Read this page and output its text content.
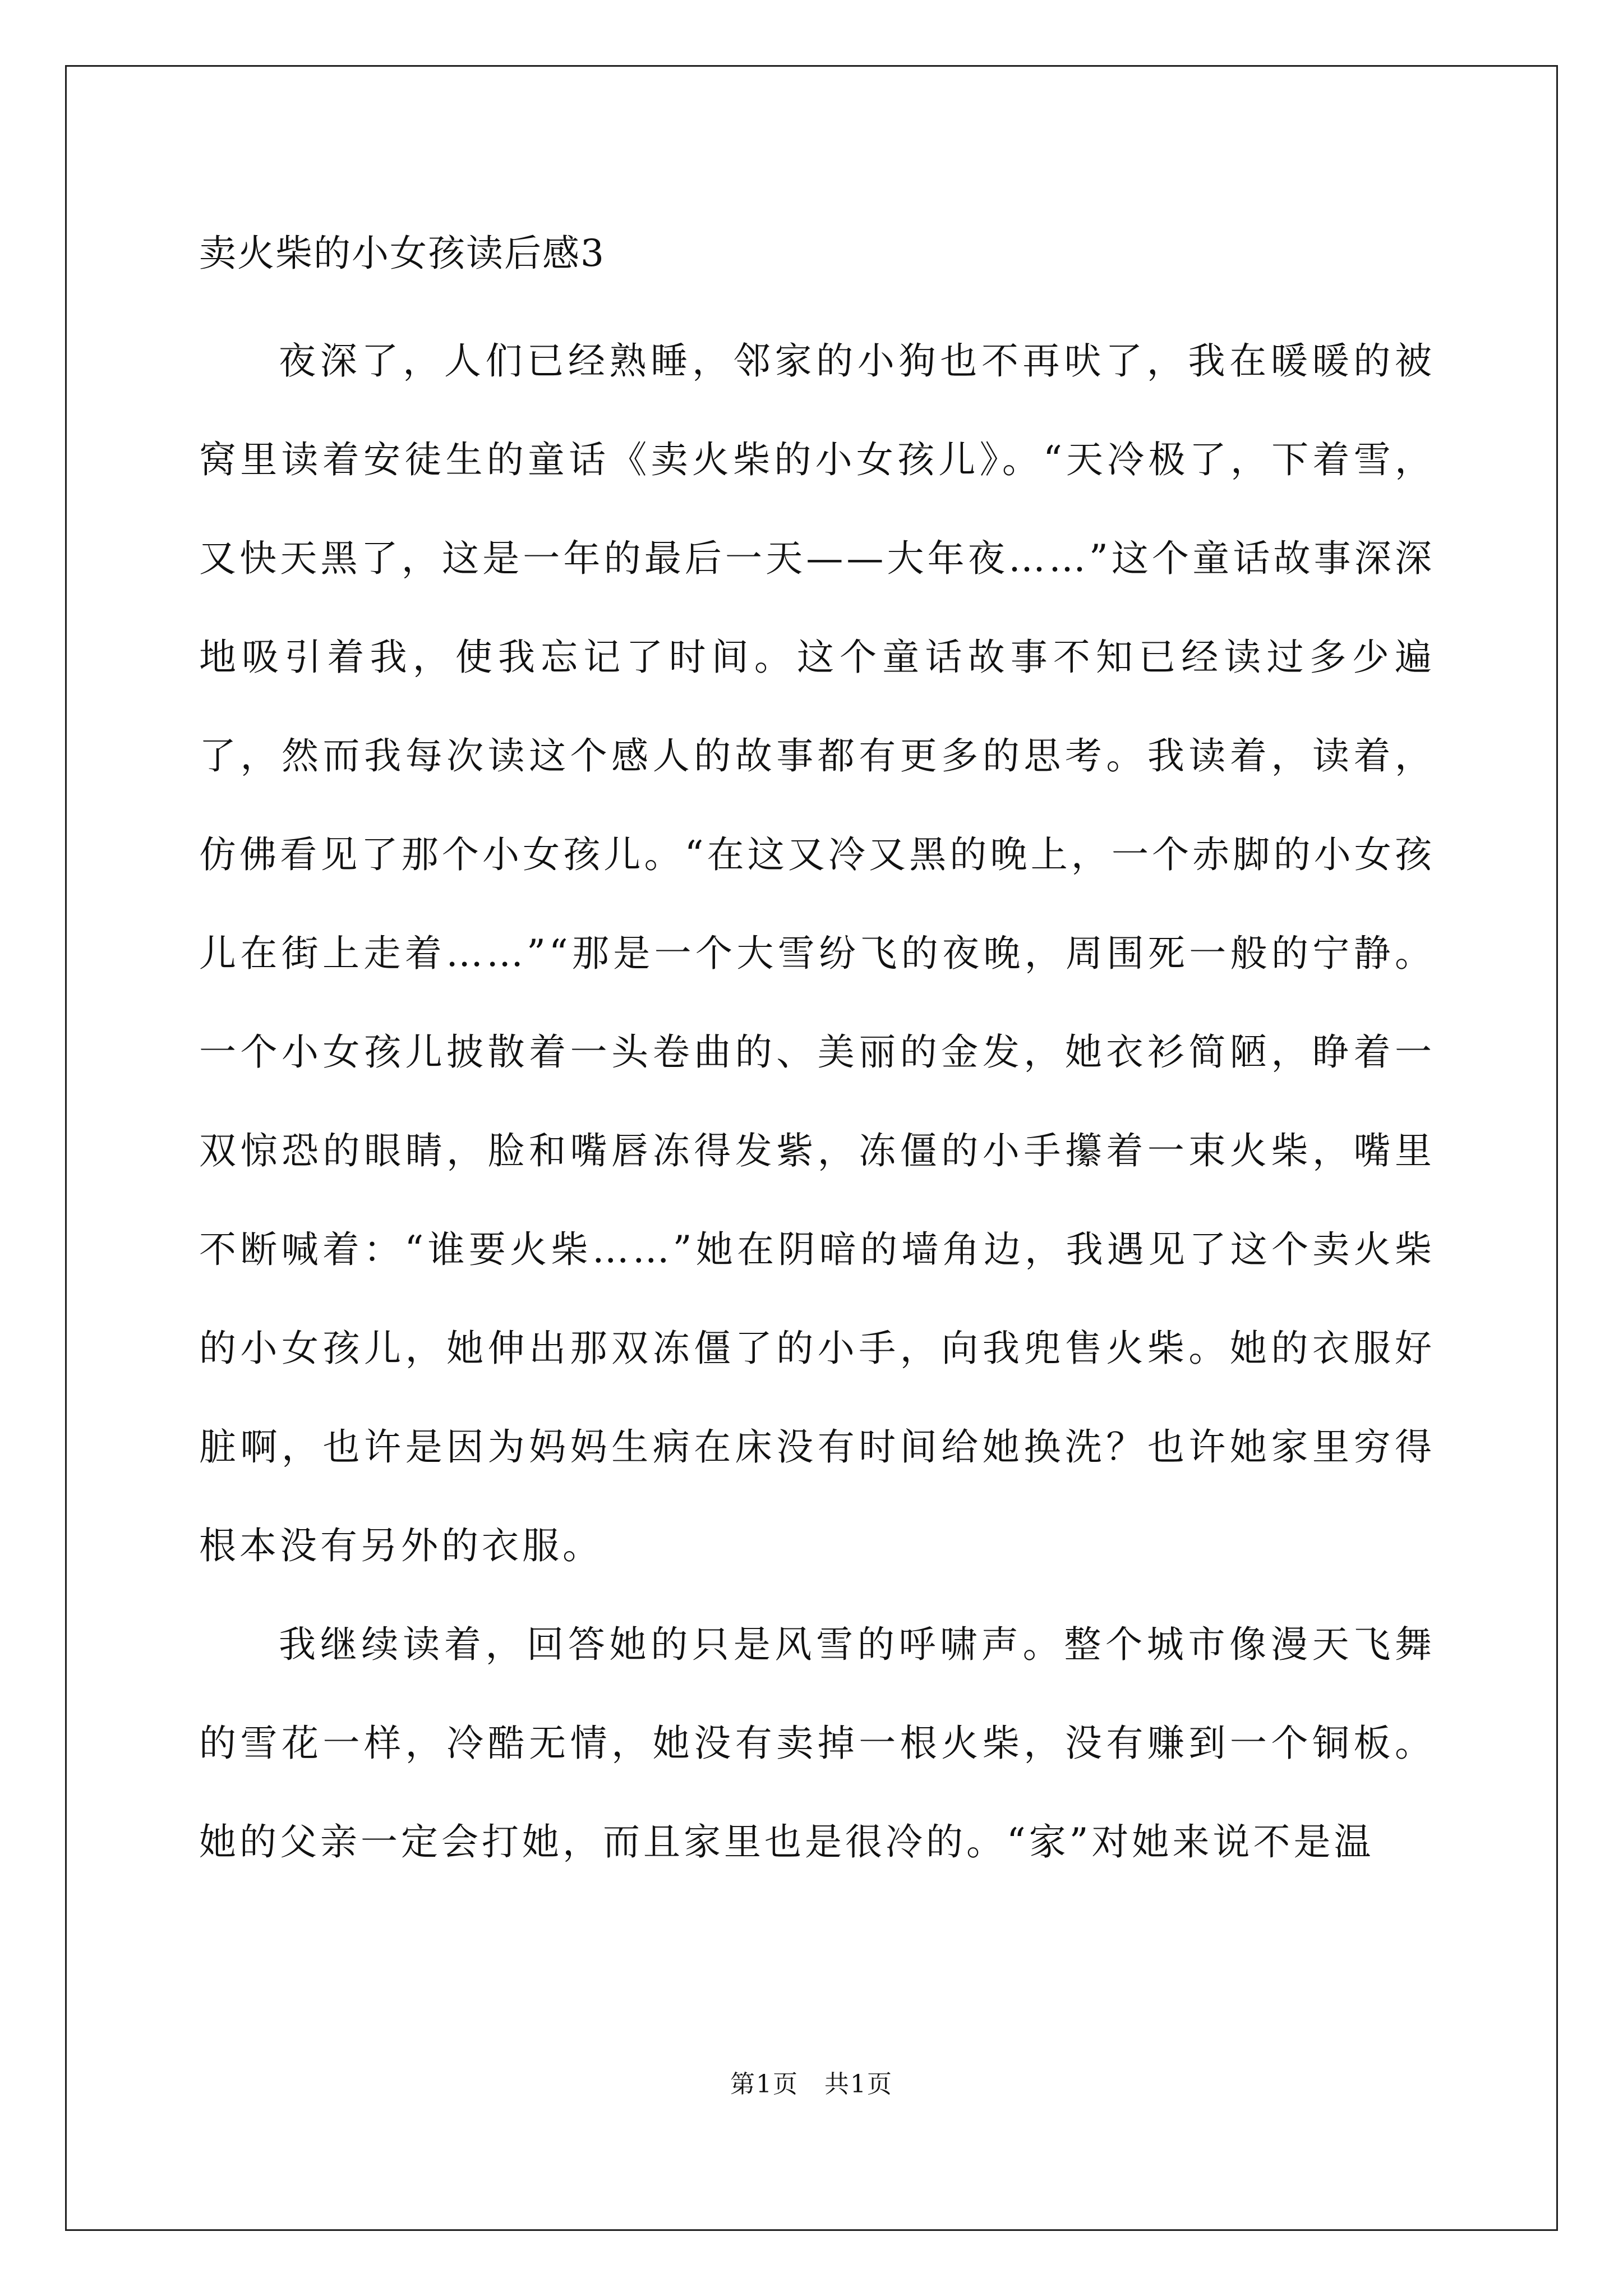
卖火柴的小女孩读后感3

夜深了，人们已经熟睡，邻家的小狗也不再吠了，我在暖暖的被窝里读着安徒生的童话《卖火柴的小女孩儿》。“天冷极了，下着雪，又快天黑了，这是一年的最后一天——大年夜……”这个童话故事深深地吸引着我，使我忘记了时间。这个童话故事不知已经读过多少遍了，然而我每次读这个感人的故事都有更多的思考。我读着，读着，仿佛看见了那个小女孩儿。“在这又冷又黑的晚上，一个赤脚的小女孩儿在街上走着……”“那是一个大雪纷飞的夜晚，周围死一般的宁静。一个小女孩儿披散着一头卷曲的、美丽的金发，她衣衫简陋，睁着一双惊恐的眼睛，脸和嘴唇冻得发紫，冻僵的小手攥着一束火柴，嘴里不断喊着：“谁要火柴……”她在阴暗的墙角边，我遇见了这个卖火柴的小女孩儿，她伸出那双冻僵了的小手，向我兜售火柴。她的衣服好脏啊，也许是因为妈妈生病在床没有时间给她换洗？也许她家里穷得根本没有另外的衣服。

我继续读着，回答她的只是风雪的呼啸声。整个城市像漫天飞舞的雪花一样，冷酷无情，她没有卖掉一根火柴，没有赚到一个铜板。她的父亲一定会打她，而且家里也是很冷的。“家”对她来说不是温

第1页　共1页
